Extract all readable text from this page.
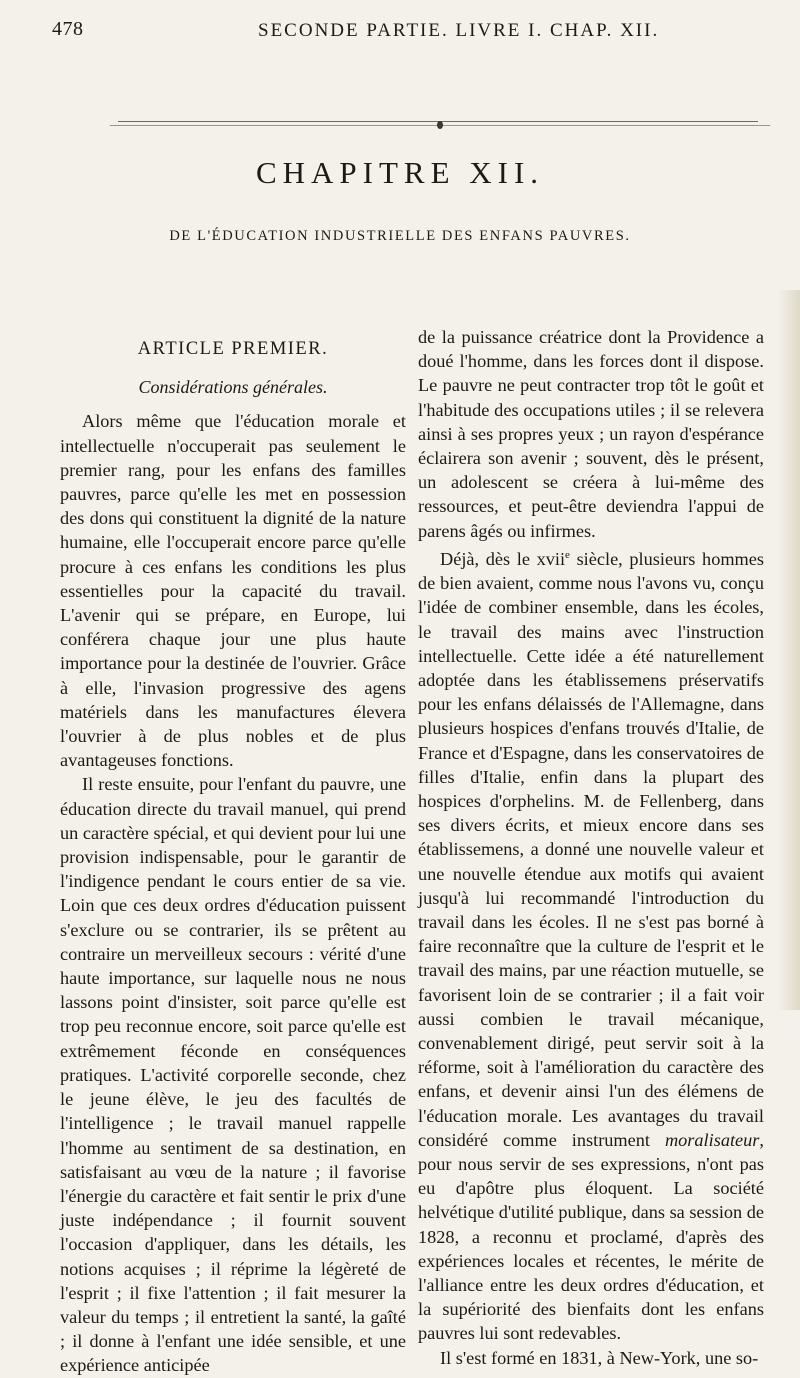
478	SECONDE PARTIE. LIVRE I. CHAP. XII.
CHAPITRE XII.
DE L'ÉDUCATION INDUSTRIELLE DES ENFANS PAUVRES.
ARTICLE PREMIER.
Considérations générales.

Alors même que l'éducation morale et intellectuelle n'occuperait pas seulement le premier rang, pour les enfans des familles pauvres, parce qu'elle les met en possession des dons qui constituent la dignité de la nature humaine, elle l'occuperait encore parce qu'elle procure à ces enfans les conditions les plus essentielles pour la capacité du travail. L'avenir qui se prépare, en Europe, lui conférera chaque jour une plus haute importance pour la destinée de l'ouvrier. Grâce à elle, l'invasion progressive des agens matériels dans les manufactures élevera l'ouvrier à de plus nobles et de plus avantageuses fonctions.

Il reste ensuite, pour l'enfant du pauvre, une éducation directe du travail manuel, qui prend un caractère spécial, et qui devient pour lui une provision indispensable, pour le garantir de l'indigence pendant le cours entier de sa vie. Loin que ces deux ordres d'éducation puissent s'exclure ou se contrarier, ils se prêtent au contraire un merveilleux secours : vérité d'une haute importance, sur laquelle nous ne nous lassons point d'insister, soit parce qu'elle est trop peu reconnue encore, soit parce qu'elle est extrêmement féconde en conséquences pratiques. L'activité corporelle seconde, chez le jeune élève, le jeu des facultés de l'intelligence ; le travail manuel rappelle l'homme au sentiment de sa destination, en satisfaisant au vœu de la nature ; il favorise l'énergie du caractère et fait sentir le prix d'une juste indépendance ; il fournit souvent l'occasion d'appliquer, dans les détails, les notions acquises ; il réprime la légèreté de l'esprit ; il fixe l'attention ; il fait mesurer la valeur du temps ; il entretient la santé, la gaîté ; il donne à l'enfant une idée sensible, et une expérience anticipée

de la puissance créatrice dont la Providence a doué l'homme, dans les forces dont il dispose. Le pauvre ne peut contracter trop tôt le goût et l'habitude des occupations utiles ; il se relevera ainsi à ses propres yeux ; un rayon d'espérance éclairera son avenir ; souvent, dès le présent, un adolescent se créera à lui-même des ressources, et peut-être deviendra l'appui de parens âgés ou infirmes.

Déjà, dès le xvii$^e$ siècle, plusieurs hommes de bien avaient, comme nous l'avons vu, conçu l'idée de combiner ensemble, dans les écoles, le travail des mains avec l'instruction intellectuelle. Cette idée a été naturellement adoptée dans les établissemens préservatifs pour les enfans délaissés de l'Allemagne, dans plusieurs hospices d'enfans trouvés d'Italie, de France et d'Espagne, dans les conservatoires de filles d'Italie, enfin dans la plupart des hospices d'orphelins. M. de Fellenberg, dans ses divers écrits, et mieux encore dans ses établissemens, a donné une nouvelle valeur et une nouvelle étendue aux motifs qui avaient jusqu'à lui recommandé l'introduction du travail dans les écoles. Il ne s'est pas borné à faire reconnaître que la culture de l'esprit et le travail des mains, par une réaction mutuelle, se favorisent loin de se contrarier ; il a fait voir aussi combien le travail mécanique, convenablement dirigé, peut servir soit à la réforme, soit à l'amélioration du caractère des enfans, et devenir ainsi l'un des élémens de l'éducation morale. Les avantages du travail considéré comme instrument moralisateur, pour nous servir de ses expressions, n'ont pas eu d'apôtre plus éloquent. La société helvétique d'utilité publique, dans sa session de 1828, a reconnu et proclamé, d'après des expériences locales et récentes, le mérite de l'alliance entre les deux ordres d'éducation, et la supériorité des bienfaits dont les enfans pauvres lui sont redevables.

Il s'est formé en 1831, à New-York, une so-
